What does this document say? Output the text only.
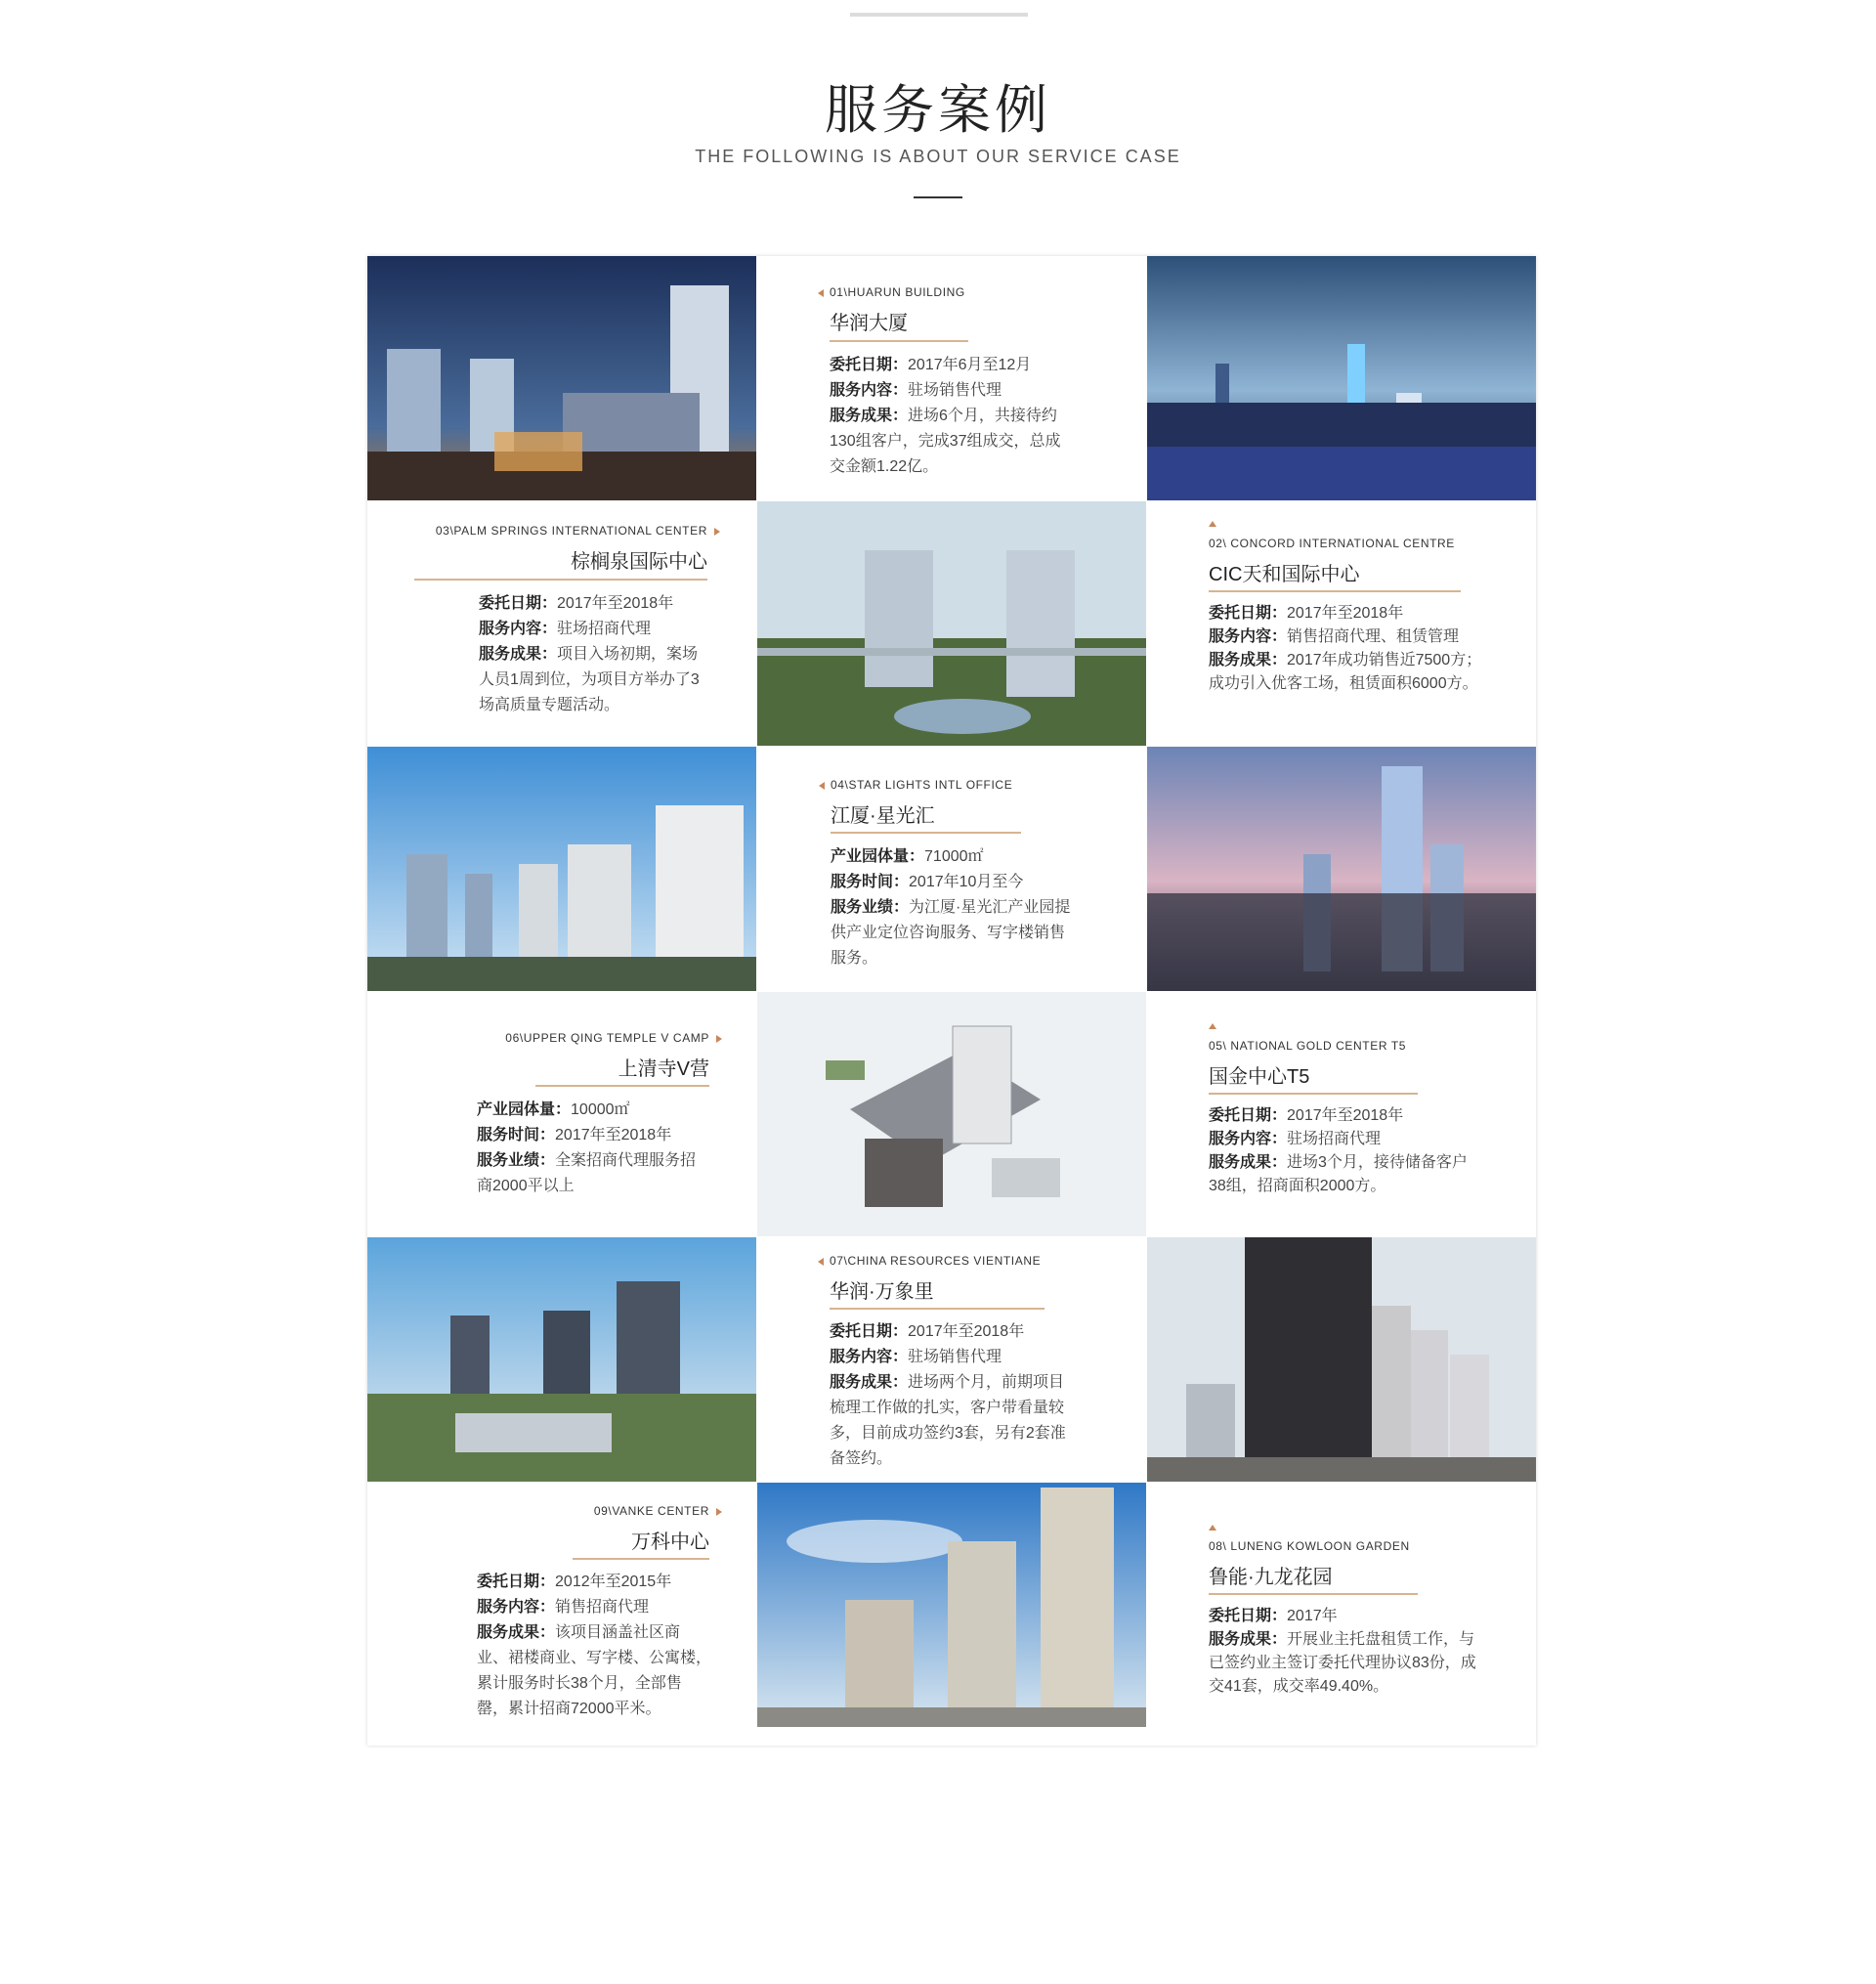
服务案例
THE FOLLOWING IS ABOUT OUR SERVICE CASE
01\HUARUN BUILDING
华润大厦
委托日期：2017年6月至12月
服务内容：驻场销售代理
服务成果：进场6个月，共接待约130组客户，完成37组成交，总成交金额1.22亿。
03\PALM SPRINGS INTERNATIONAL CENTER
棕榈泉国际中心
委托日期：2017年至2018年
服务内容：驻场招商代理
服务成果：项目入场初期，案场人员1周到位，为项目方举办了3场高质量专题活动。
02\ CONCORD INTERNATIONAL CENTRE
CIC天和国际中心
委托日期：2017年至2018年
服务内容：销售招商代理、租赁管理
服务成果：2017年成功销售近7500方；成功引入优客工场，租赁面积6000方。
04\STAR LIGHTS INTL OFFICE
江厦·星光汇
产业园体量：71000㎡
服务时间：2017年10月至今
服务业绩：为江厦·星光汇产业园提供产业定位咨询服务、写字楼销售服务。
06\UPPER QING TEMPLE V CAMP
上清寺V营
产业园体量：10000㎡
服务时间：2017年至2018年
服务业绩：全案招商代理服务招商2000平以上
05\ NATIONAL GOLD CENTER T5
国金中心T5
委托日期：2017年至2018年
服务内容：驻场招商代理
服务成果：进场3个月，接待储备客户38组，招商面积2000方。
07\CHINA RESOURCES VIENTIANE
华润·万象里
委托日期：2017年至2018年
服务内容：驻场销售代理
服务成果：进场两个月，前期项目梳理工作做的扎实，客户带看量较多，目前成功签约3套，另有2套准备签约。
09\VANKE CENTER
万科中心
委托日期：2012年至2015年
服务内容：销售招商代理
服务成果：该项目涵盖社区商业、裙楼商业、写字楼、公寓楼，累计服务时长38个月，全部售罄，累计招商72000平米。
08\ LUNENG KOWLOON GARDEN
鲁能·九龙花园
委托日期：2017年
服务成果：开展业主托盘租赁工作，与已签约业主签订委托代理协议83份，成交41套，成交率49.40%。
